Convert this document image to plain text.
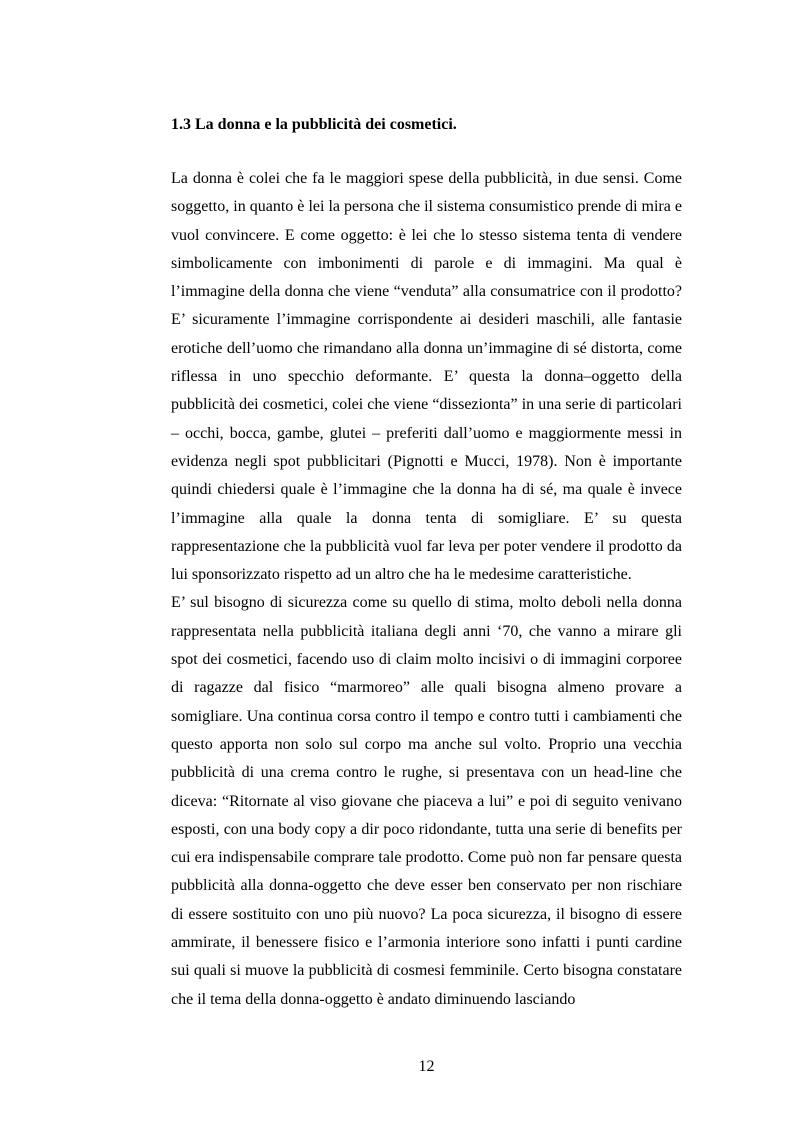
1.3 La donna e la pubblicità dei cosmetici.

La donna è colei che fa le maggiori spese della pubblicità, in due sensi. Come soggetto, in quanto è lei la persona che il sistema consumistico prende di mira e vuol convincere. E come oggetto: è lei che lo stesso sistema tenta di vendere simbolicamente con imbonimenti di parole e di immagini. Ma qual è l’immagine della donna che viene “venduta” alla consumatrice con il prodotto? E’ sicuramente l’immagine corrispondente ai desideri maschili, alle fantasie erotiche dell’uomo che rimandano alla donna un’immagine di sé distorta, come riflessa in uno specchio deformante. E’ questa la donna–oggetto della pubblicità dei cosmetici, colei che viene “dissezionta” in una serie di particolari – occhi, bocca, gambe, glutei – preferiti dall’uomo e maggiormente messi in evidenza negli spot pubblicitari (Pignotti e Mucci, 1978). Non è importante quindi chiedersi quale è l’immagine che la donna ha di sé, ma quale è invece l’immagine alla quale la donna tenta di somigliare. E’ su questa rappresentazione che la pubblicità vuol far leva per poter vendere il prodotto da lui sponsorizzato rispetto ad un altro che ha le medesime caratteristiche.

E’ sul bisogno di sicurezza come su quello di stima, molto deboli nella donna rappresentata nella pubblicità italiana degli anni ‘70, che vanno a mirare gli spot dei cosmetici, facendo uso di claim molto incisivi o di immagini corporee di ragazze dal fisico “marmoreo” alle quali bisogna almeno provare a somigliare. Una continua corsa contro il tempo e contro tutti i cambiamenti che questo apporta non solo sul corpo ma anche sul volto. Proprio una vecchia pubblicità di una crema contro le rughe, si presentava con un head-line che diceva: “Ritornate al viso giovane che piaceva a lui” e poi di seguito venivano esposti, con una body copy a dir poco ridondante, tutta una serie di benefits per cui era indispensabile comprare tale prodotto. Come può non far pensare questa pubblicità alla donna-oggetto che deve esser ben conservato per non rischiare di essere sostituito con uno più nuovo? La poca sicurezza, il bisogno di essere ammirate, il benessere fisico e l’armonia interiore sono infatti i punti cardine sui quali si muove la pubblicità di cosmesi femminile. Certo bisogna constatare che il tema della donna-oggetto è andato diminuendo lasciando

12
